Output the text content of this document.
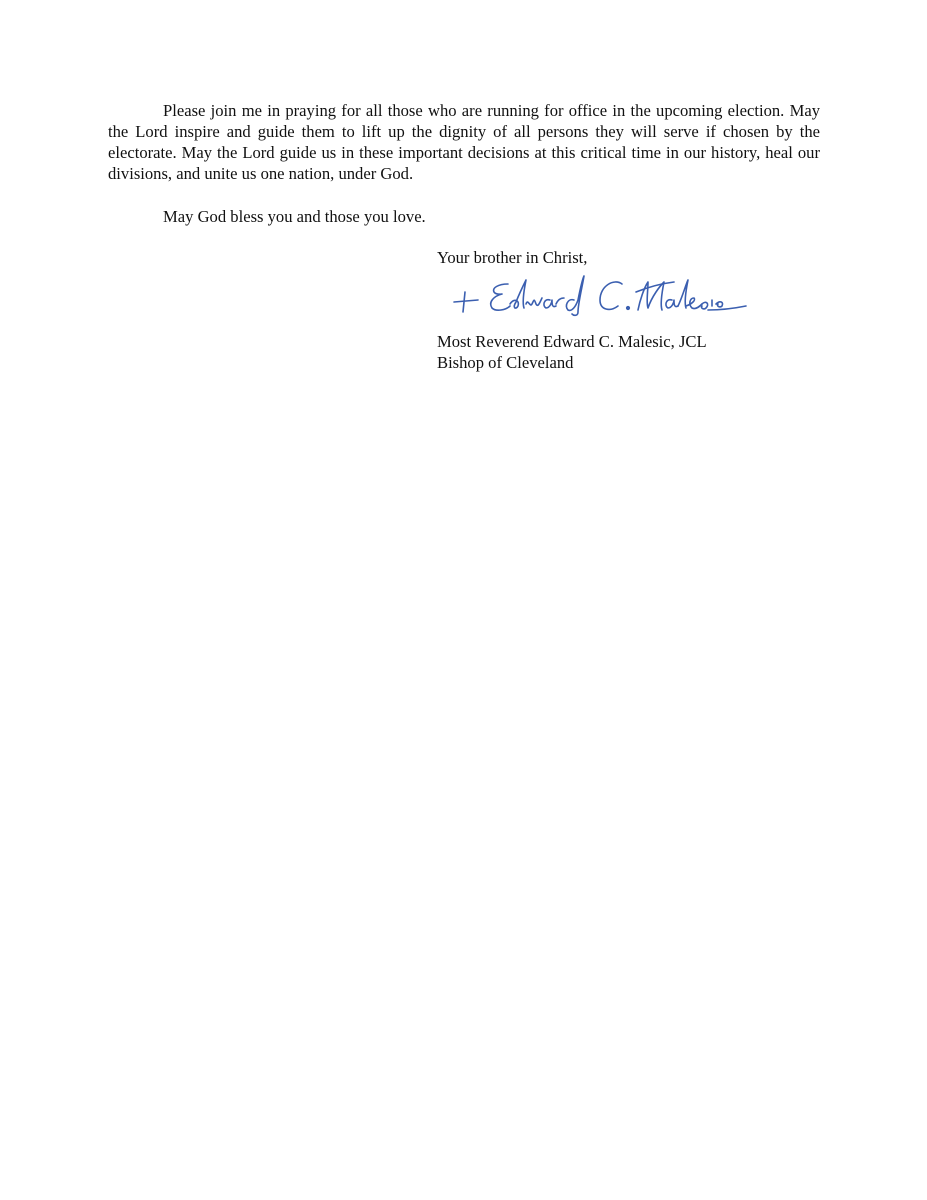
Please join me in praying for all those who are running for office in the upcoming election. May the Lord inspire and guide them to lift up the dignity of all persons they will serve if chosen by the electorate. May the Lord guide us in these important decisions at this critical time in our history, heal our divisions, and unite us one nation, under God.

May God bless you and those you love.

Your brother in Christ,

Most Reverend Edward C. Malesic, JCL

Bishop of Cleveland
